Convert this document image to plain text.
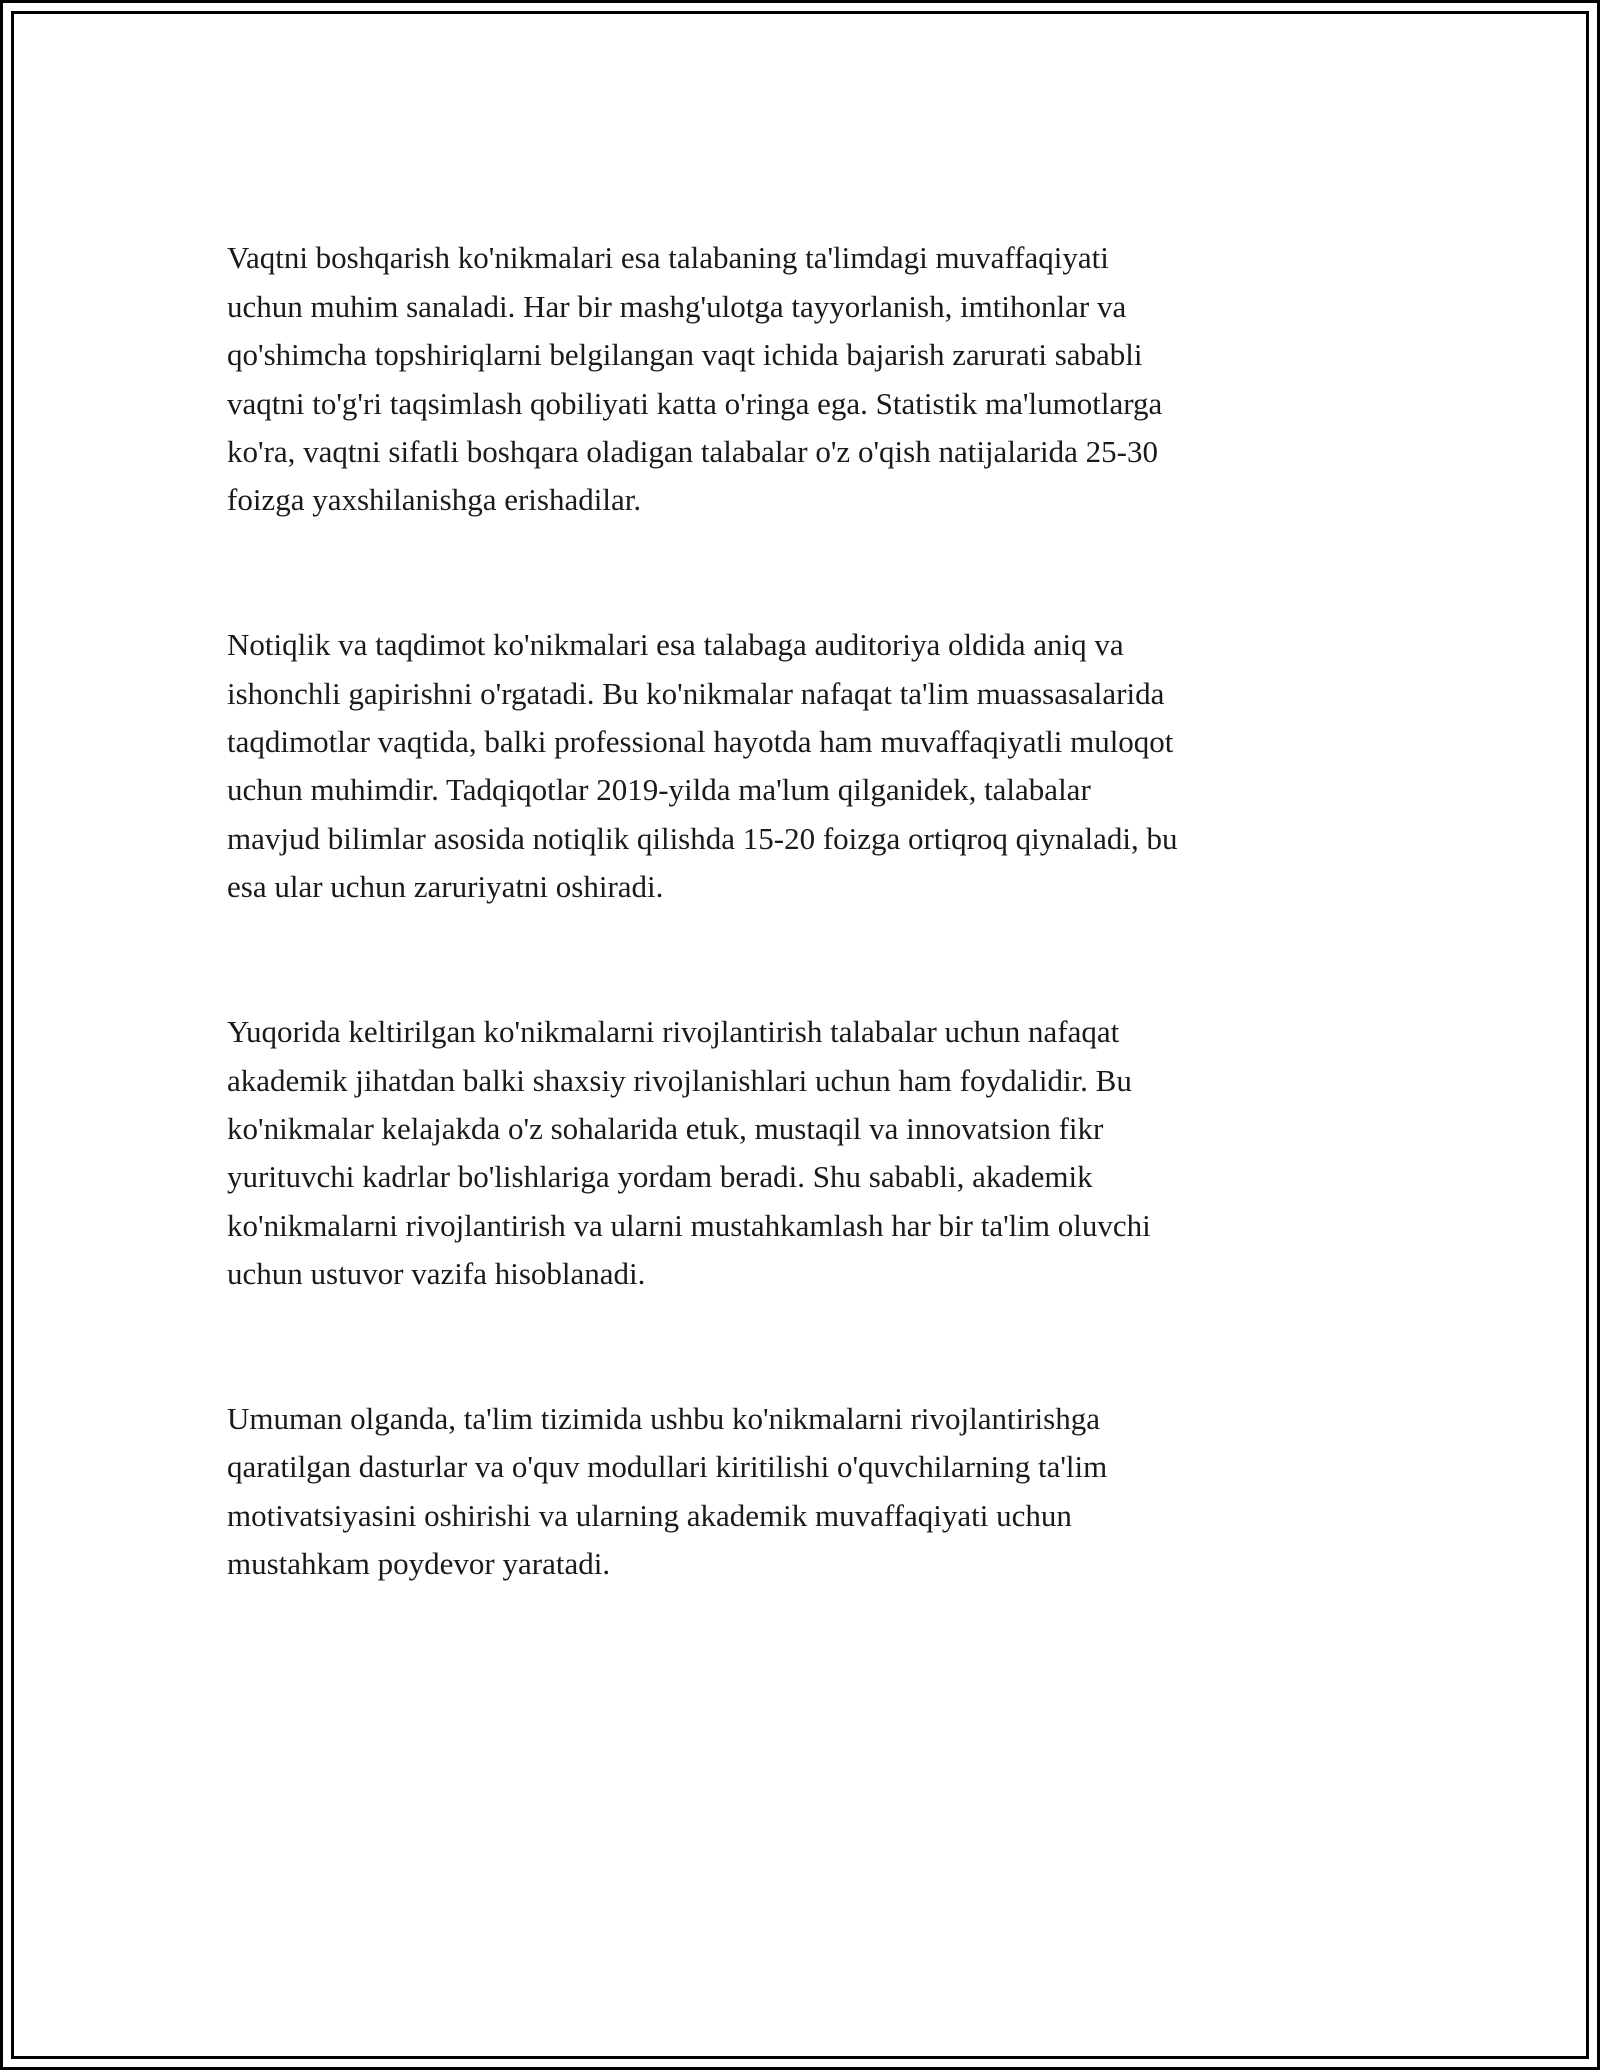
Vaqtni boshqarish ko'nikmalari esa talabaning ta'limdagi muvaffaqiyati
uchun muhim sanaladi. Har bir mashg'ulotga tayyorlanish, imtihonlar va
qo'shimcha topshiriqlarni belgilangan vaqt ichida bajarish zarurati sababli
vaqtni to'g'ri taqsimlash qobiliyati katta o'ringa ega. Statistik ma'lumotlarga
ko'ra, vaqtni sifatli boshqara oladigan talabalar o'z o'qish natijalarida 25-30
foizga yaxshilanishga erishadilar.

Notiqlik va taqdimot ko'nikmalari esa talabaga auditoriya oldida aniq va
ishonchli gapirishni o'rgatadi. Bu ko'nikmalar nafaqat ta'lim muassasalarida
taqdimotlar vaqtida, balki professional hayotda ham muvaffaqiyatli muloqot
uchun muhimdir. Tadqiqotlar 2019-yilda ma'lum qilganidek, talabalar
mavjud bilimlar asosida notiqlik qilishda 15-20 foizga ortiqroq qiynaladi, bu
esa ular uchun zaruriyatni oshiradi.

Yuqorida keltirilgan ko'nikmalarni rivojlantirish talabalar uchun nafaqat
akademik jihatdan balki shaxsiy rivojlanishlari uchun ham foydalidir. Bu
ko'nikmalar kelajakda o'z sohalarida etuk, mustaqil va innovatsion fikr
yurituvchi kadrlar bo'lishlariga yordam beradi. Shu sababli, akademik
ko'nikmalarni rivojlantirish va ularni mustahkamlash har bir ta'lim oluvchi
uchun ustuvor vazifa hisoblanadi.

Umuman olganda, ta'lim tizimida ushbu ko'nikmalarni rivojlantirishga
qaratilgan dasturlar va o'quv modullari kiritilishi o'quvchilarning ta'lim
motivatsiyasini oshirishi va ularning akademik muvaffaqiyati uchun
mustahkam poydevor yaratadi.
